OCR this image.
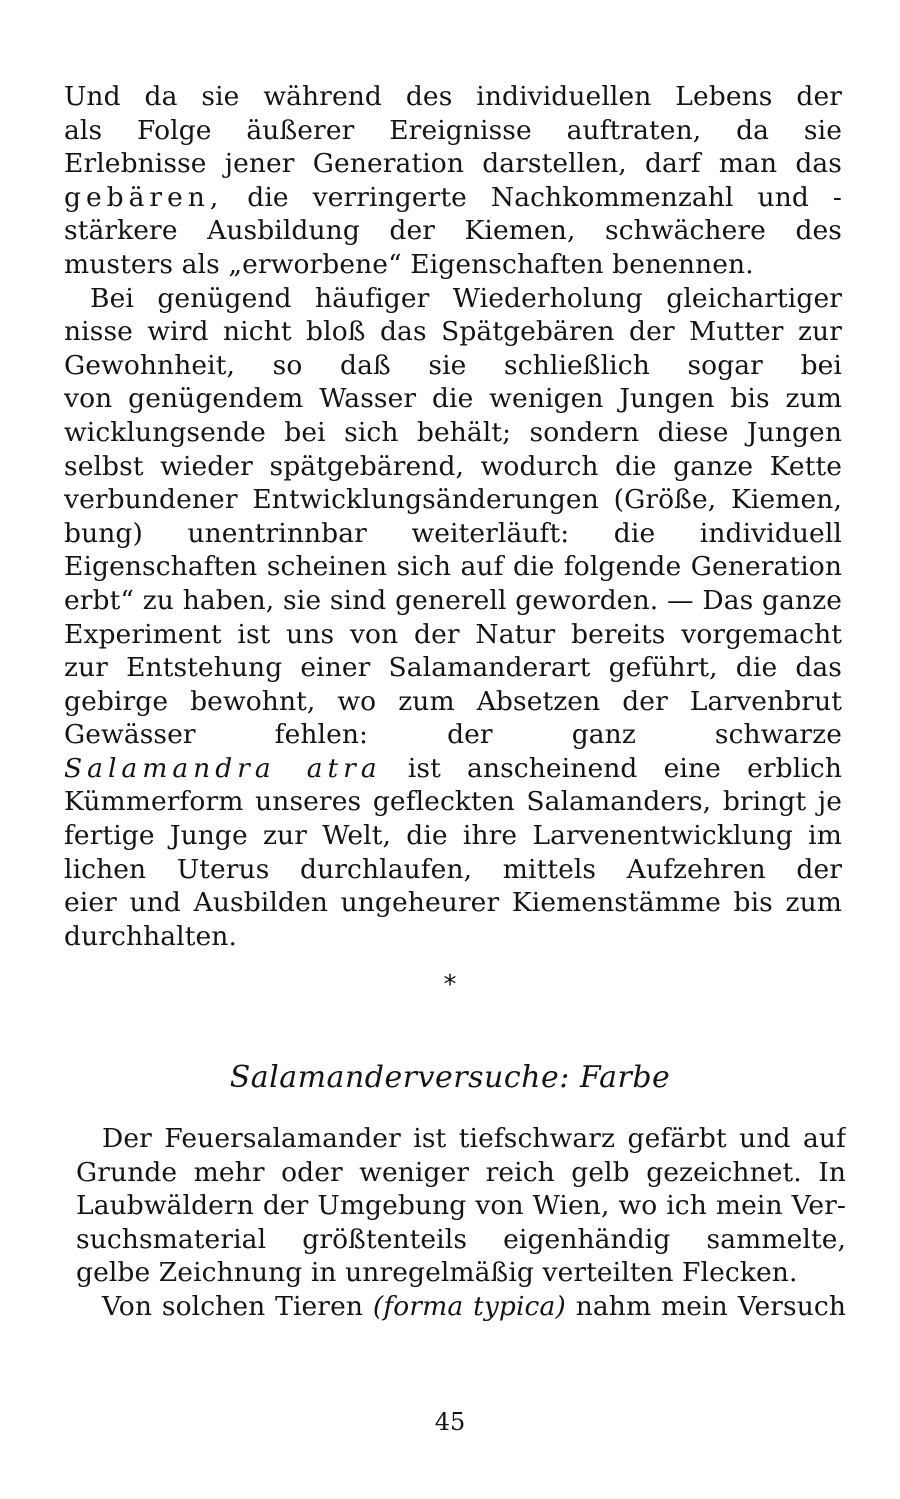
Und da sie während des individuellen Lebens der
als Folge äußerer Ereignisse auftraten, da sie
Erlebnisse jener Generation darstellen, darf man das
gebären, die verringerte Nachkommenzahl und -
stärkere Ausbildung der Kiemen, schwächere des
musters als „erworbene“ Eigenschaften benennen.
Bei genügend häufiger Wiederholung gleichartiger
nisse wird nicht bloß das Spätgebären der Mutter zur
Gewohnheit, so daß sie schließlich sogar bei
von genügendem Wasser die wenigen Jungen bis zum
wicklungsende bei sich behält; sondern diese Jungen
selbst wieder spätgebärend, wodurch die ganze Kette
verbundener Entwicklungsänderungen (Größe, Kiemen,
bung) unentrinnbar weiterläuft: die individuell
Eigenschaften scheinen sich auf die folgende Generation
erbt“ zu haben, sie sind generell geworden. — Das ganze
Experiment ist uns von der Natur bereits vorgemacht
zur Entstehung einer Salamanderart geführt, die das
gebirge bewohnt, wo zum Absetzen der Larvenbrut
Gewässer fehlen: der ganz schwarze
Salamandra atra ist anscheinend eine erblich
Kümmerform unseres gefleckten Salamanders, bringt je
fertige Junge zur Welt, die ihre Larvenentwicklung im
lichen Uterus durchlaufen, mittels Aufzehren der
eier und Ausbilden ungeheurer Kiemenstämme bis zum
durchhalten.
*
Salamanderversuche: Farbe
Der Feuersalamander ist tiefschwarz gefärbt und auf
Grunde mehr oder weniger reich gelb gezeichnet. In
Laubwäldern der Umgebung von Wien, wo ich mein Ver-
suchsmaterial größtenteils eigenhändig sammelte,
gelbe Zeichnung in unregelmäßig verteilten Flecken.
Von solchen Tieren (forma typica) nahm mein Versuch
45
